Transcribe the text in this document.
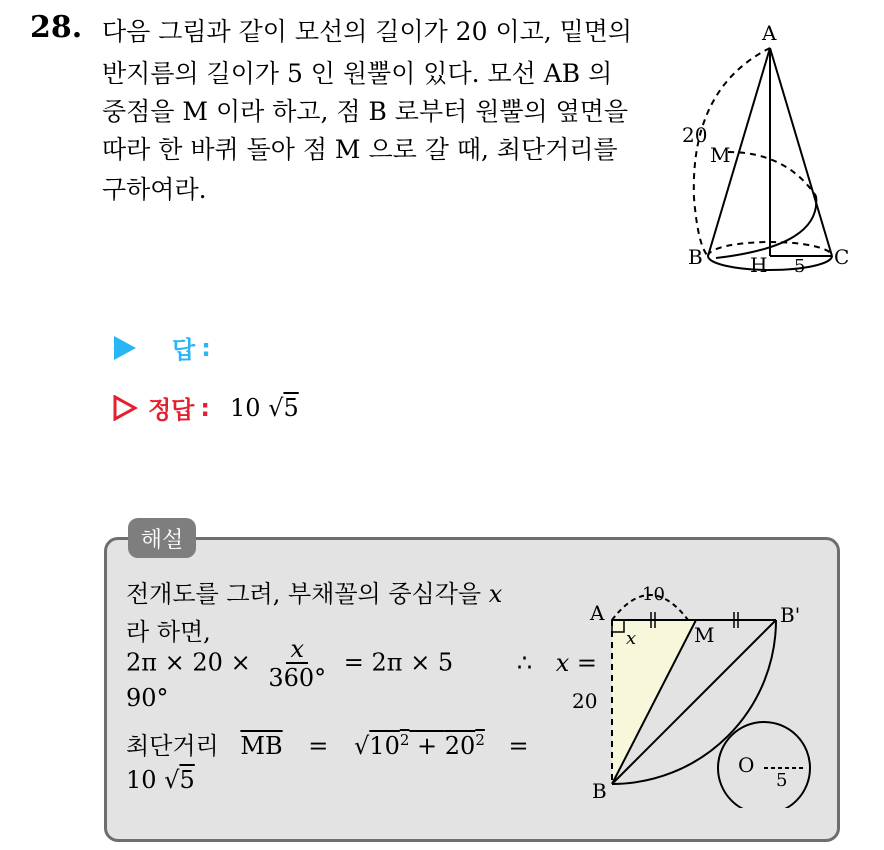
28. 다음 그림과 같이 모선의 길이가 20 이고, 밑면의
반지름의 길이가 5 인 원뿔이 있다. 모선 AB 의
중점을 M 이라 하고, 점 B 로부터 원뿔의 옆면을
따라 한 바퀴 돌아 점 M 으로 갈 때, 최단거리를
구하여라.
A
20
M
B H 5 C
답 :
정답 : 10 √5
해설
전개도를 그려, 부채꼴의 중심각을 x
라 하면,
$2\pi \times 20 \times \frac{x}{360^\circ} = 2\pi \times 5$	∴ x =
90°
최단거리 $\overline{MB} = √10^2 + 20^2$ =
10 √5
A
x
10
M
B'
20
B
O
5
